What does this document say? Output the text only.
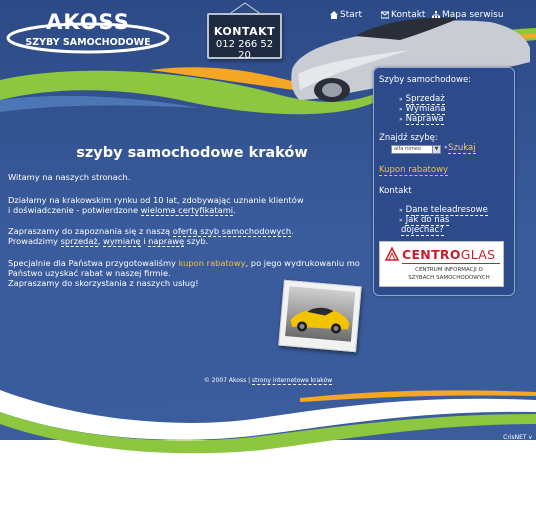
AKOSS
SZYBY SAMOCHODOWE
KONTAKT
012 266 52 20
Start	Kontakt Mapa serwisu
Szyby samochodowe:
» Sprzedaż
» Wymiana
» Naprawa
Znajdź szybę:
alfa romeo	▼ » Szukaj
Kupon rabatowy
Kontakt
» Dane teleadresowe
» Jak do nas
dojechać?
CENTROGLAS
CENTRUM INFORMACJI O
SZYBACH SAMOCHODOWYCH
szyby samochodowe kraków
Witamy na naszych stronach.
Działamy na krakowskim rynku od 10 lat, zdobywając uznanie klientów
i doświadczenie - potwierdzone wieloma certyfikatami.
Zapraszamy do zapoznania się z naszą ofertą szyb samochodowych.
Prowadzimy sprzedaż, wymianę i naprawę szyb.
Specjalnie dla Państwa przygotowaliśmy kupon rabatowy, po jego wydrukowaniu mo
Państwo uzyskać rabat w naszej firmie.
Zapraszamy do skorzystania z naszych usług!
© 2007 Akoss | strony internetowe kraków
CrisNET v
